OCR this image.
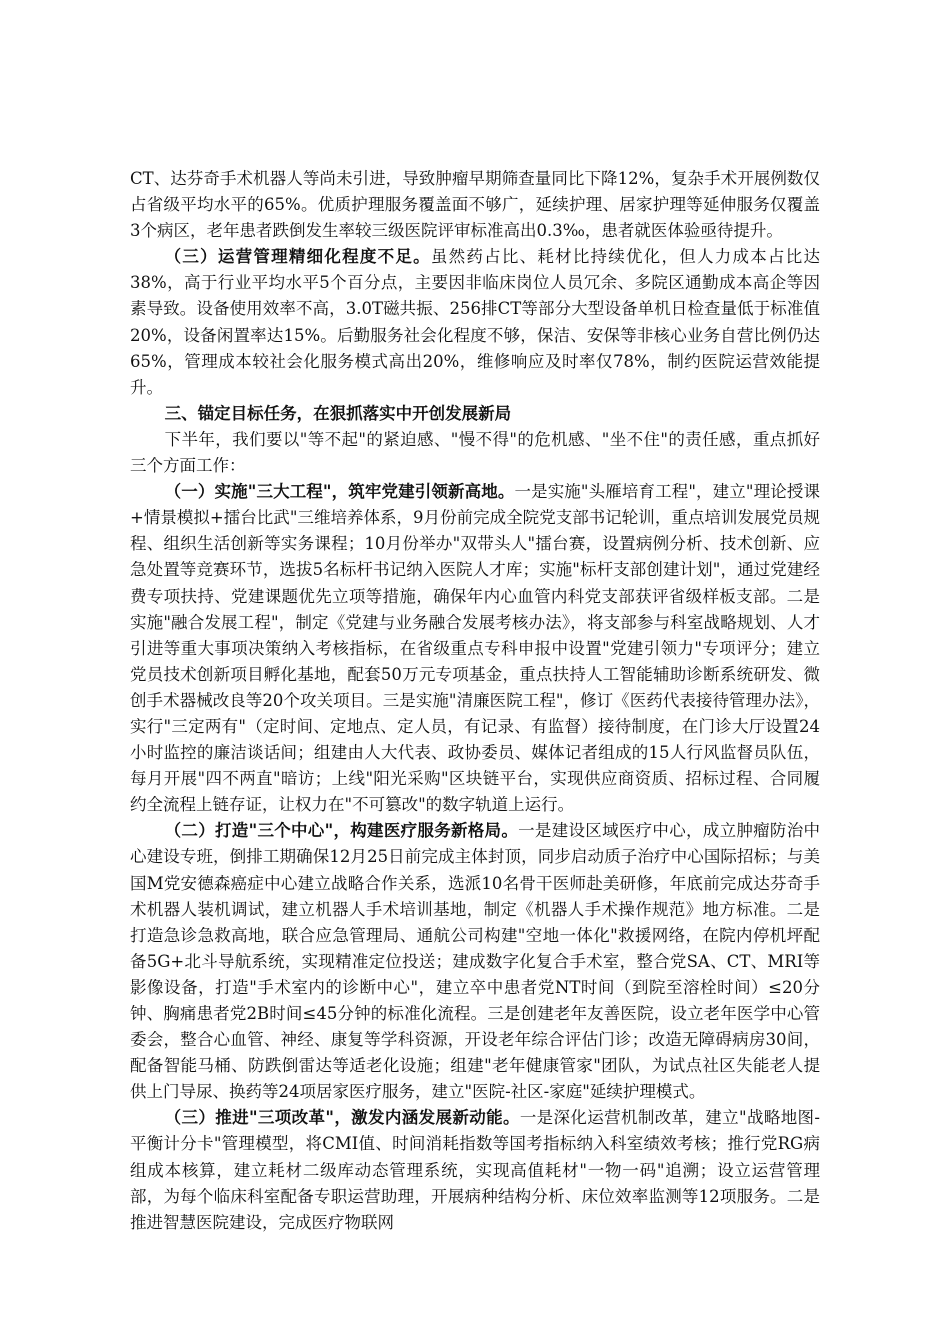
CT、达芬奇手术机器人等尚未引进，导致肿瘤早期筛查量同比下降12%，复杂手术开展例数仅占省级平均水平的65%。优质护理服务覆盖面不够广，延续护理、居家护理等延伸服务仅覆盖3个病区，老年患者跌倒发生率较三级医院评审标准高出0.3‰，患者就医体验亟待提升。

（三）运营管理精细化程度不足。虽然药占比、耗材比持续优化，但人力成本占比达38%，高于行业平均水平5个百分点，主要因非临床岗位人员冗余、多院区通勤成本高企等因素导致。设备使用效率不高，3.0T磁共振、256排CT等部分大型设备单机日检查量低于标准值20%，设备闲置率达15%。后勤服务社会化程度不够，保洁、安保等非核心业务自营比例仍达65%，管理成本较社会化服务模式高出20%，维修响应及时率仅78%，制约医院运营效能提升。

三、锚定目标任务，在狠抓落实中开创发展新局

下半年，我们要以"等不起"的紧迫感、"慢不得"的危机感、"坐不住"的责任感，重点抓好三个方面工作：

（一）实施"三大工程"，筑牢党建引领新高地。一是实施"头雁培育工程"，建立"理论授课+情景模拟+擂台比武"三维培养体系，9月份前完成全院党支部书记轮训，重点培训发展党员规程、组织生活创新等实务课程；10月份举办"双带头人"擂台赛，设置病例分析、技术创新、应急处置等竞赛环节，选拔5名标杆书记纳入医院人才库；实施"标杆支部创建计划"，通过党建经费专项扶持、党建课题优先立项等措施，确保年内心血管内科党支部获评省级样板支部。二是实施"融合发展工程"，制定《党建与业务融合发展考核办法》，将支部参与科室战略规划、人才引进等重大事项决策纳入考核指标，在省级重点专科申报中设置"党建引领力"专项评分；建立党员技术创新项目孵化基地，配套50万元专项基金，重点扶持人工智能辅助诊断系统研发、微创手术器械改良等20个攻关项目。三是实施"清廉医院工程"，修订《医药代表接待管理办法》，实行"三定两有"（定时间、定地点、定人员，有记录、有监督）接待制度，在门诊大厅设置24小时监控的廉洁谈话间；组建由人大代表、政协委员、媒体记者组成的15人行风监督员队伍，每月开展"四不两直"暗访；上线"阳光采购"区块链平台，实现供应商资质、招标过程、合同履约全流程上链存证，让权力在"不可篡改"的数字轨道上运行。

（二）打造"三个中心"，构建医疗服务新格局。一是建设区域医疗中心，成立肿瘤防治中心建设专班，倒排工期确保12月25日前完成主体封顶，同步启动质子治疗中心国际招标；与美国M党安德森癌症中心建立战略合作关系，选派10名骨干医师赴美研修，年底前完成达芬奇手术机器人装机调试，建立机器人手术培训基地，制定《机器人手术操作规范》地方标准。二是打造急诊急救高地，联合应急管理局、通航公司构建"空地一体化"救援网络，在院内停机坪配备5G+北斗导航系统，实现精准定位投送；建成数字化复合手术室，整合党SA、CT、MRI等影像设备，打造"手术室内的诊断中心"，建立卒中患者党NT时间（到院至溶栓时间）≤20分钟、胸痛患者党2B时间≤45分钟的标准化流程。三是创建老年友善医院，设立老年医学中心管委会，整合心血管、神经、康复等学科资源，开设老年综合评估门诊；改造无障碍病房30间，配备智能马桶、防跌倒雷达等适老化设施；组建"老年健康管家"团队，为试点社区失能老人提供上门导尿、换药等24项居家医疗服务，建立"医院-社区-家庭"延续护理模式。

（三）推进"三项改革"，激发内涵发展新动能。一是深化运营机制改革，建立"战略地图-平衡计分卡"管理模型，将CMI值、时间消耗指数等国考指标纳入科室绩效考核；推行党RG病组成本核算，建立耗材二级库动态管理系统，实现高值耗材"一物一码"追溯；设立运营管理部，为每个临床科室配备专职运营助理，开展病种结构分析、床位效率监测等12项服务。二是推进智慧医院建设，完成医疗物联网
